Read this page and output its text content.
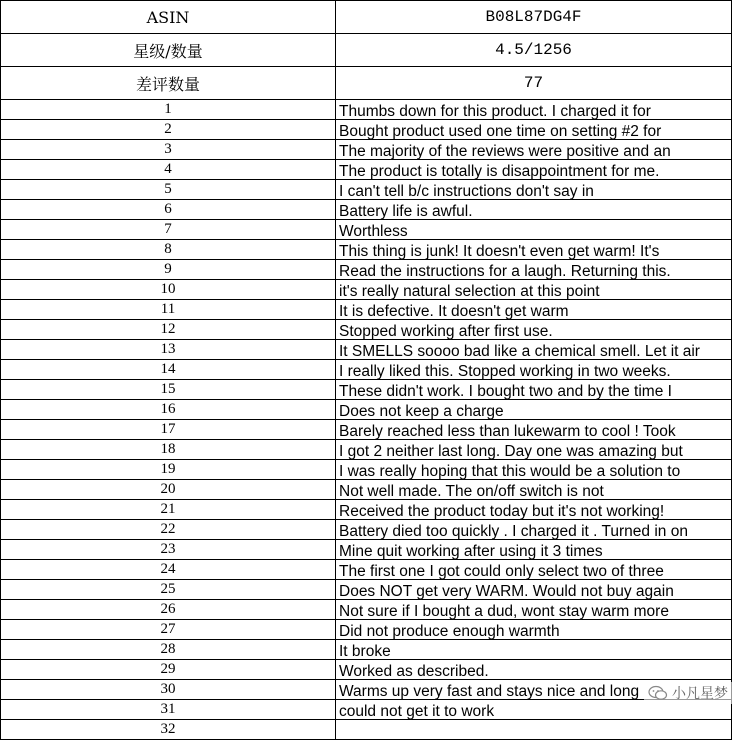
ASIN	B08L87DG4F
星级/数量	4.5/1256
差评数量	77
1	Thumbs down for this product. I charged it for

2	Bought product used one time on setting #2 for

3	The majority of the reviews were positive and an

4	The product is totally is disappointment for me.

5	I can't tell b/c instructions don't say in

6	Battery life is awful.

7	Worthless

8	This thing is junk! It doesn't even get warm! It's

9	Read the instructions for a laugh. Returning this.

10	it's really natural selection at this point

11	It is defective. It doesn't get warm

12	Stopped working after first use.

13	It SMELLS soooo bad like a chemical smell. Let it air

14	I really liked this. Stopped working in two weeks.

15	These didn't work. I bought two and by the time I

16	Does not keep a charge

17	Barely reached less than lukewarm to cool ! Took

18	I got 2 neither last long. Day one was amazing but

19	I was really hoping that this would be a solution to

20	Not well made. The on/off switch is not

21	Received the product today but it's not working!

22	Battery died too quickly . I charged it . Turned in on

23	Mine quit working after using it 3 times

24	The first one I got could only select two of three

25	Does NOT get very WARM. Would not buy again

26	Not sure if I bought a dud, wont stay warm more

27	Did not produce enough warmth

28	It broke

29	Worked as described.

30	Warms up very fast and stays nice and long

31	could not get it to work

32	
小凡星梦
